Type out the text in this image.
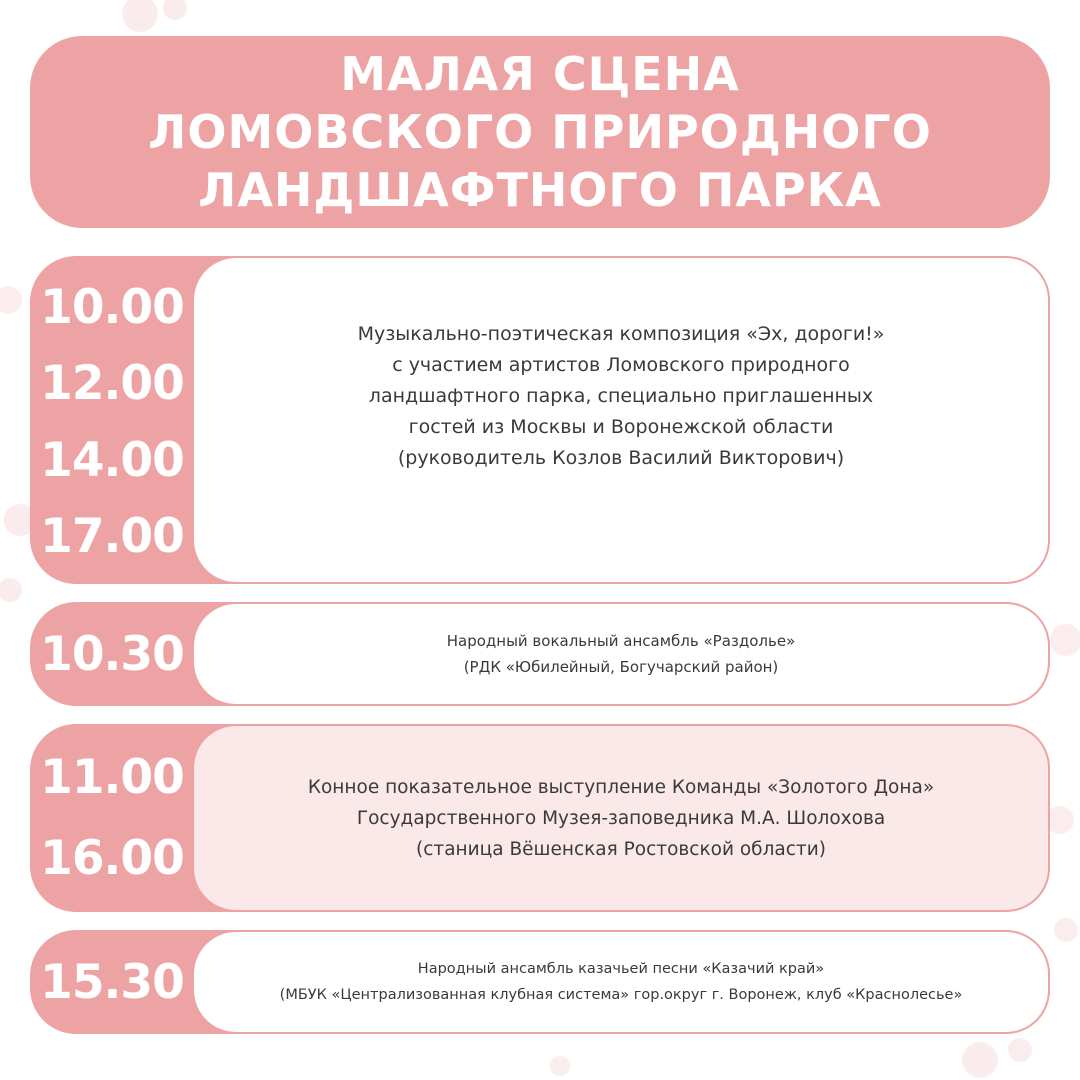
МАЛАЯ СЦЕНА
ЛОМОВСКОГО ПРИРОДНОГО
ЛАНДШАФТНОГО ПАРКА
10.00
12.00
14.00
17.00
Музыкально-поэтическая композиция «Эх, дороги!»
с участием артистов Ломовского природного
ландшафтного парка, специально приглашенных
гостей из Москвы и Воронежской области
(руководитель Козлов Василий Викторович)
10.30	Народный вокальный ансамбль «Раздолье»
(РДК «Юбилейный, Богучарский район)
11.00
16.00
Конное показательное выступление Команды «Золотого Дона»
Государственного Музея-заповедника М.А. Шолохова
(станица Вёшенская Ростовской области)
15.30	Народный ансамбль казачьей песни «Казачий край»
(МБУК «Централизованная клубная система» гор.округ г. Воронеж, клуб «Краснолесье»
